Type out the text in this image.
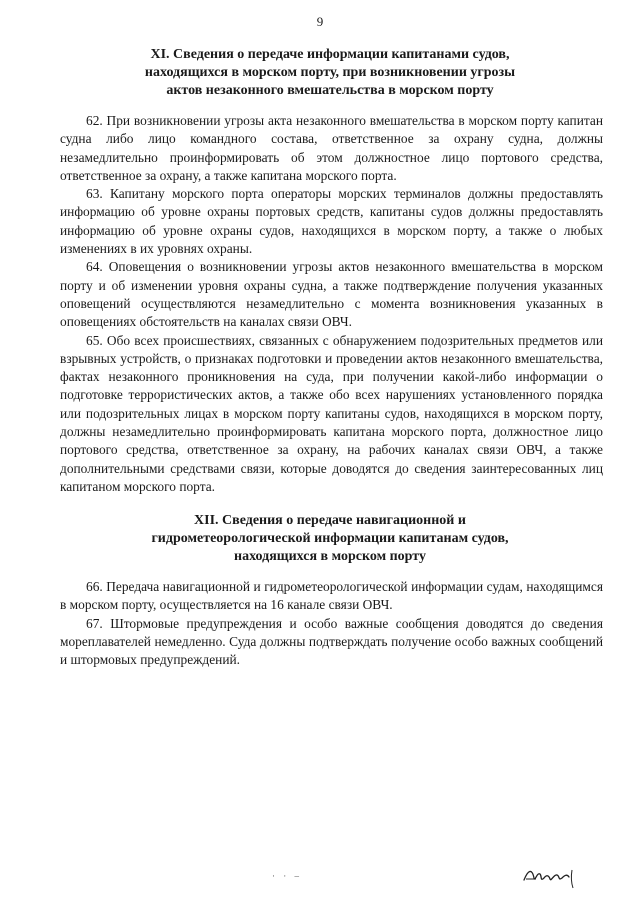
9
XI. Сведения о передаче информации капитанами судов,
находящихся в морском порту, при возникновении угрозы
актов незаконного вмешательства в морском порту

62. При возникновении угрозы акта незаконного вмешательства в морском порту капитан судна либо лицо командного состава, ответственное за охрану судна, должны незамедлительно проинформировать об этом должностное лицо портового средства, ответственное за охрану, а также капитана морского порта.

63. Капитану морского порта операторы морских терминалов должны предоставлять информацию об уровне охраны портовых средств, капитаны судов должны предоставлять информацию об уровне охраны судов, находящихся в морском порту, а также о любых изменениях в их уровнях охраны.

64. Оповещения о возникновении угрозы актов незаконного вмешательства в морском порту и об изменении уровня охраны судна, а также подтверждение получения указанных оповещений осуществляются незамедлительно с момента возникновения указанных в оповещениях обстоятельств на каналах связи ОВЧ.

65. Обо всех происшествиях, связанных с обнаружением подозрительных предметов или взрывных устройств, о признаках подготовки и проведении актов незаконного вмешательства, фактах незаконного проникновения на суда, при получении какой-либо информации о подготовке террористических актов, а также обо всех нарушениях установленного порядка или подозрительных лицах в морском порту капитаны судов, находящихся в морском порту, должны незамедлительно проинформировать капитана морского порта, должностное лицо портового средства, ответственное за охрану, на рабочих каналах связи ОВЧ, а также дополнительными средствами связи, которые доводятся до сведения заинтересованных лиц капитаном морского порта.

XII. Сведения о передаче навигационной и
гидрометеорологической информации капитанам судов,
находящихся в морском порту

66. Передача навигационной и гидрометеорологической информации судам, находящимся в морском порту, осуществляется на 16 канале связи ОВЧ.

67. Штормовые предупреждения и особо важные сообщения доводятся до сведения мореплавателей немедленно. Суда должны подтверждать получение особо важных сообщений и штормовых предупреждений.

· · –
